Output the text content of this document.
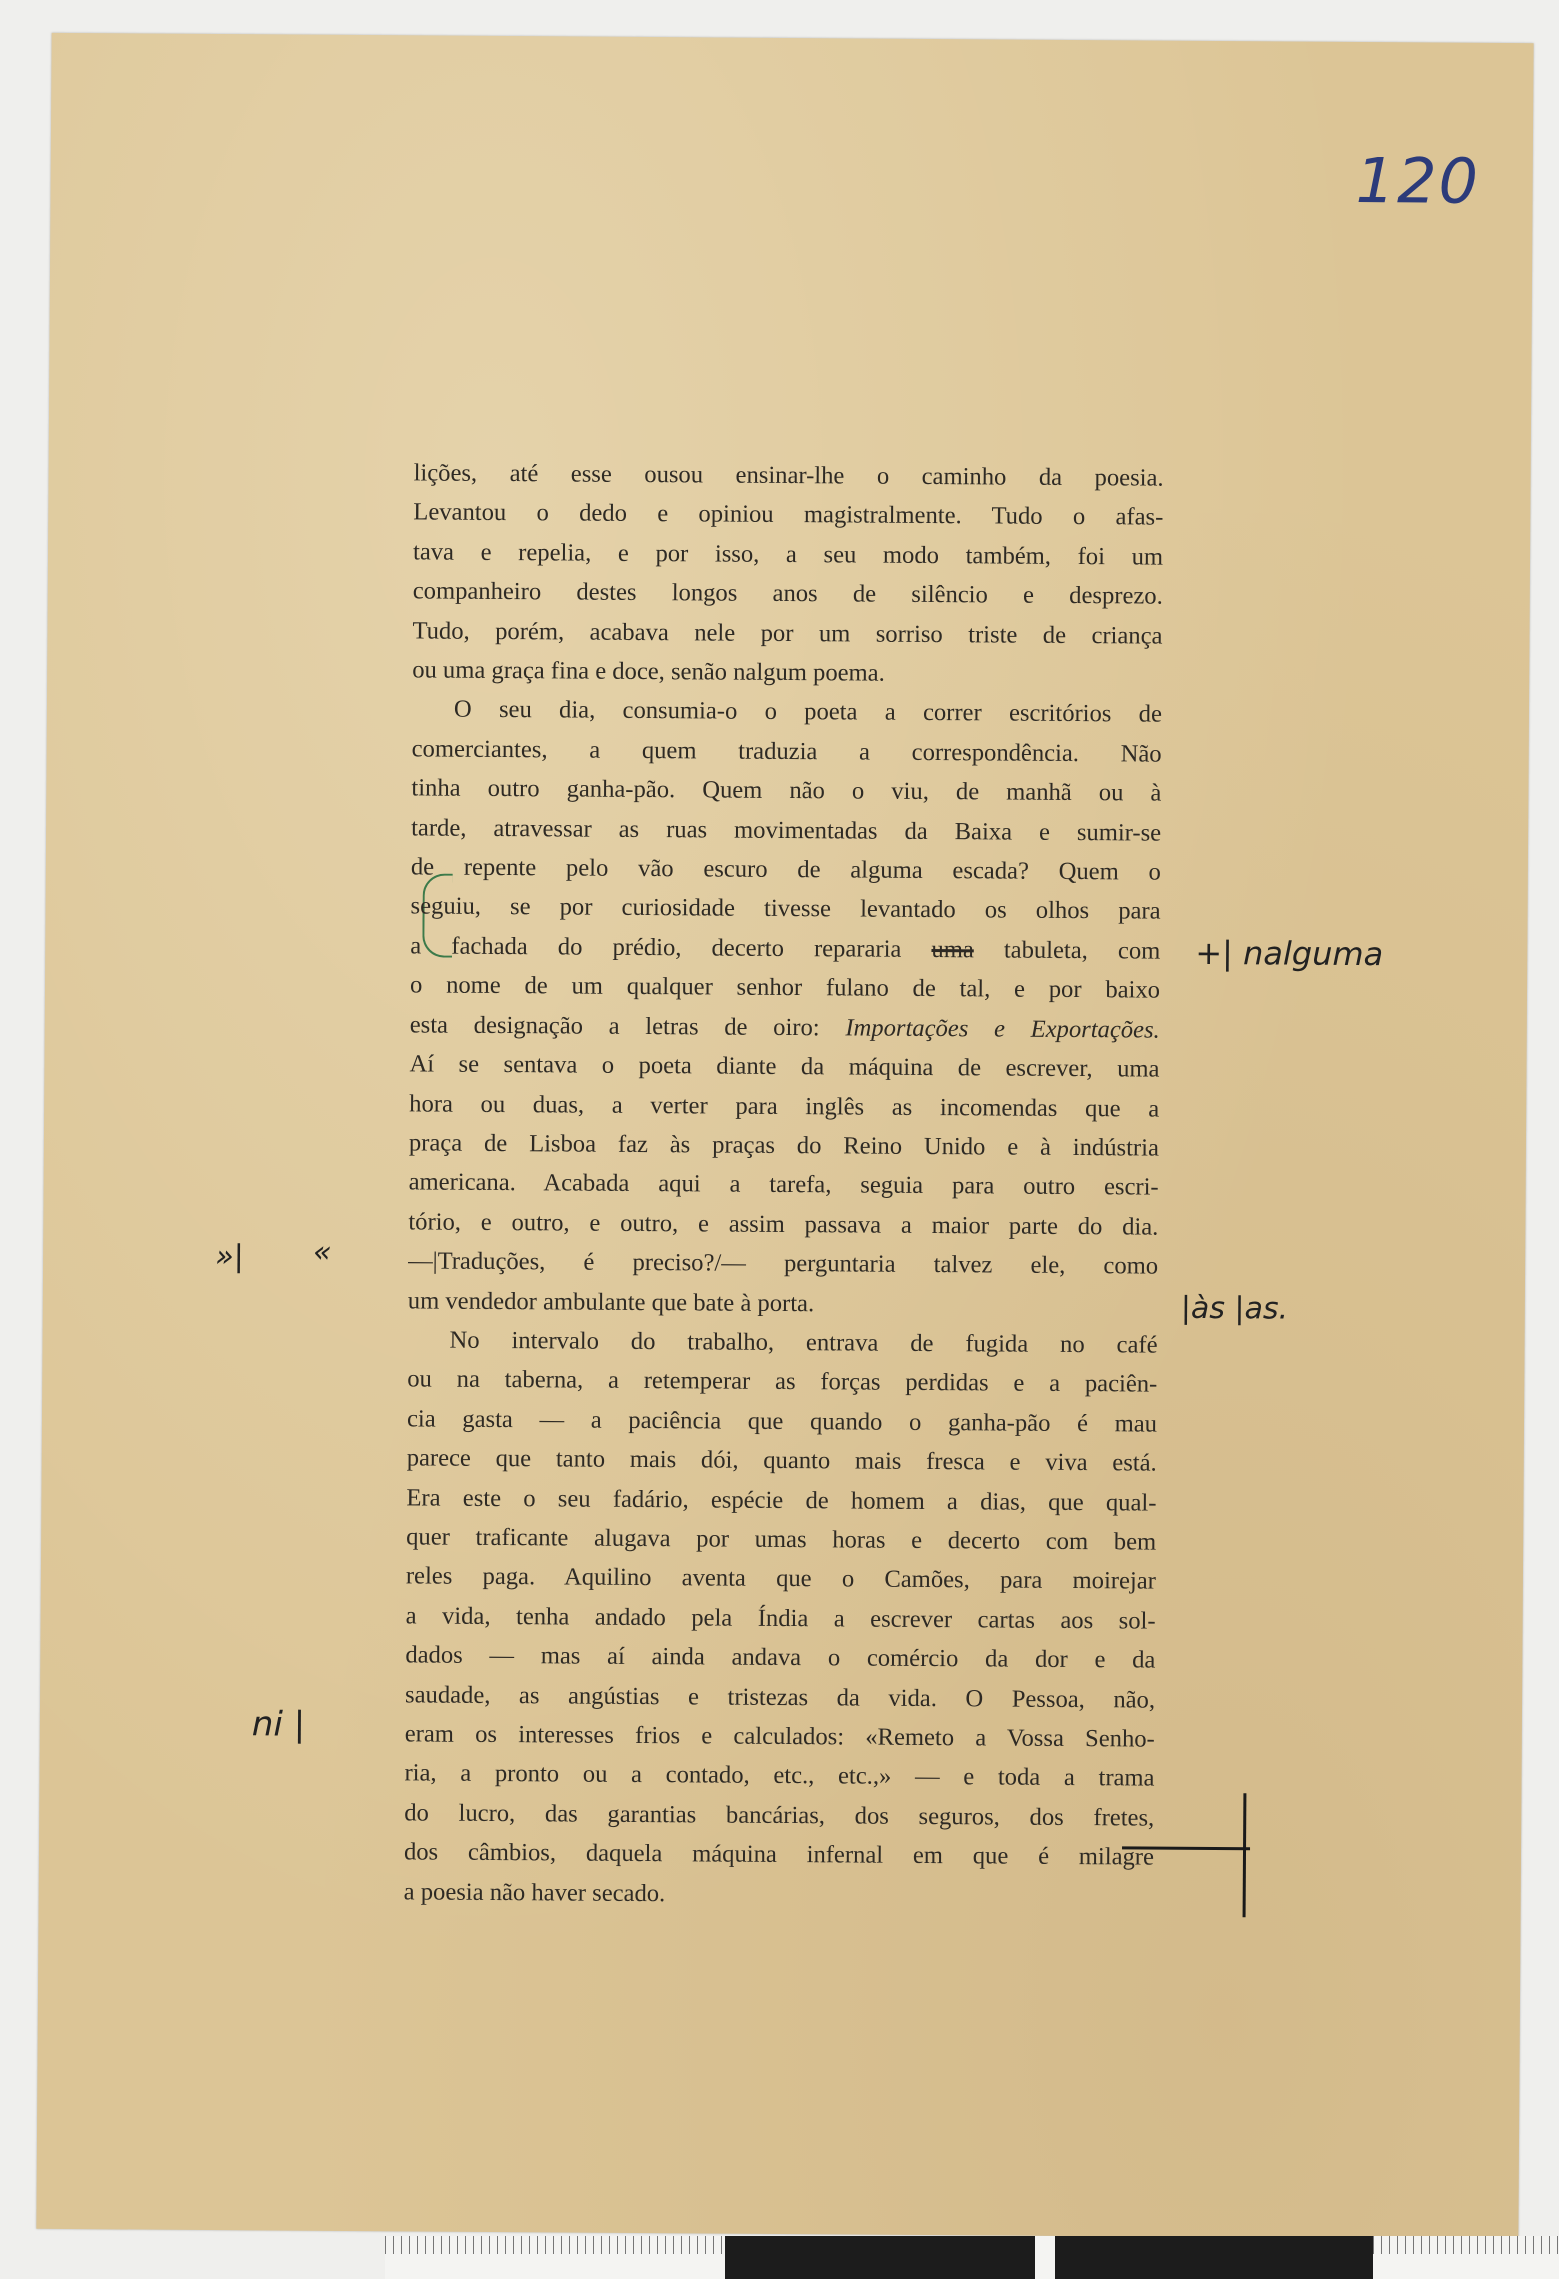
120
lições, até esse ousou ensinar-lhe o caminho da poesia.
Levantou o dedo e opiniou magistralmente. Tudo o afas-
tava e repelia, e por isso, a seu modo também, foi um
companheiro destes longos anos de silêncio e desprezo.
Tudo, porém, acabava nele por um sorriso triste de criança
ou uma graça fina e doce, senão nalgum poema.
O seu dia, consumia-o o poeta a correr escritórios de
comerciantes, a quem traduzia a correspondência. Não
tinha outro ganha-pão. Quem não o viu, de manhã ou à
tarde, atravessar as ruas movimentadas da Baixa e sumir-se
de repente pelo vão escuro de alguma escada? Quem o
seguiu, se por curiosidade tivesse levantado os olhos para
a fachada do prédio, decerto repararia uma tabuleta, com
o nome de um qualquer senhor fulano de tal, e por baixo
esta designação a letras de oiro: Importações e Exportações.
Aí se sentava o poeta diante da máquina de escrever, uma
hora ou duas, a verter para inglês as incomendas que a
praça de Lisboa faz às praças do Reino Unido e à indústria
americana. Acabada aqui a tarefa, seguia para outro escri-
tório, e outro, e outro, e assim passava a maior parte do dia.
—|Traduções, é preciso?/— perguntaria talvez ele, como
um vendedor ambulante que bate à porta.
No intervalo do trabalho, entrava de fugida no café
ou na taberna, a retemperar as forças perdidas e a paciên-
cia gasta — a paciência que quando o ganha-pão é mau
parece que tanto mais dói, quanto mais fresca e viva está.
Era este o seu fadário, espécie de homem a dias, que qual-
quer traficante alugava por umas horas e decerto com bem
reles paga. Aquilino aventa que o Camões, para moirejar
a vida, tenha andado pela Índia a escrever cartas aos sol-
dados — mas aí ainda andava o comércio da dor e da
saudade, as angústias e tristezas da vida. O Pessoa, não,
eram os interesses frios e calculados: «Remeto a Vossa Senho-
ria, a pronto ou a contado, etc., etc.,» — e toda a trama
do lucro, das garantias bancárias, dos seguros, dos fretes,
dos câmbios, daquela máquina infernal em que é milagre
a poesia não haver secado.
+| nalguma
»| «
|às |as.
ni |
